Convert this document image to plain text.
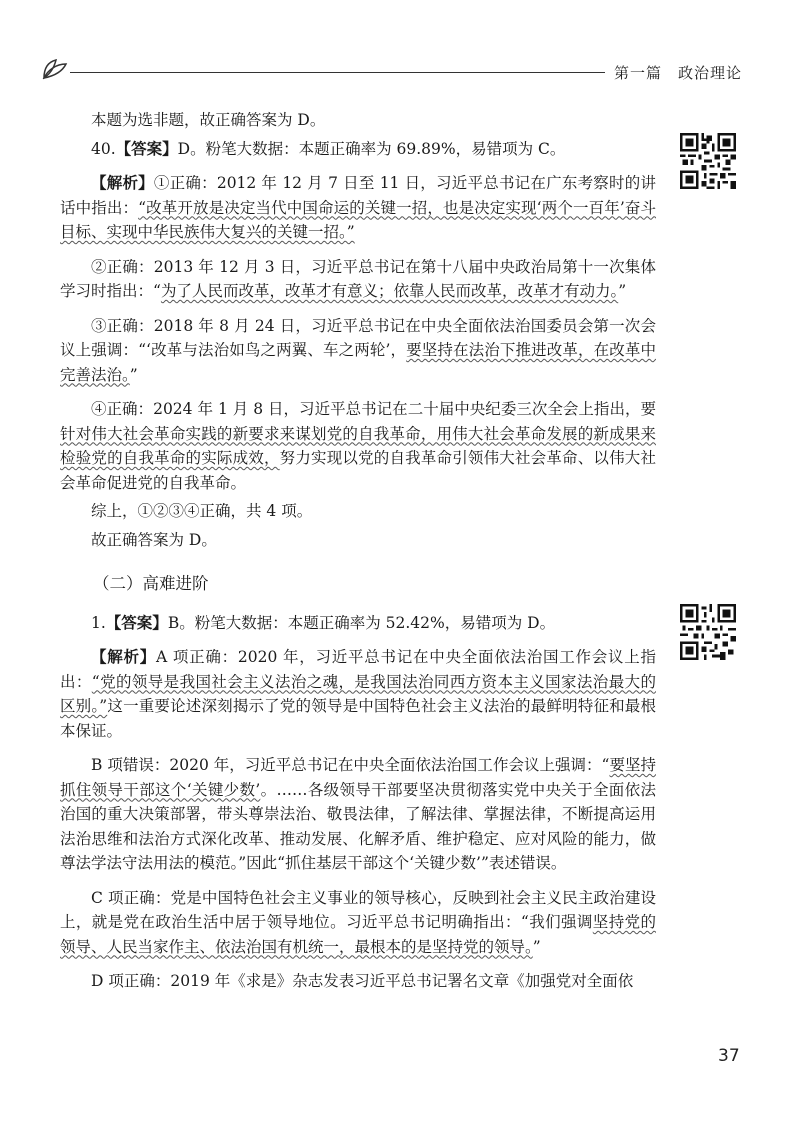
第一篇　政治理论

本题为选非题，故正确答案为 D。

40.【答案】D。粉笔大数据：本题正确率为 69.89%，易错项为 C。

【解析】①正确：2012 年 12 月 7 日至 11 日，习近平总书记在广东考察时的讲话中指出：“改革开放是决定当代中国命运的关键一招，也是决定实现‘两个一百年’奋斗目标、实现中华民族伟大复兴的关键一招。”

②正确：2013 年 12 月 3 日，习近平总书记在第十八届中央政治局第十一次集体学习时指出：“为了人民而改革，改革才有意义；依靠人民而改革，改革才有动力。”

③正确：2018 年 8 月 24 日，习近平总书记在中央全面依法治国委员会第一次会议上强调：“‘改革与法治如鸟之两翼、车之两轮’，要坚持在法治下推进改革，在改革中完善法治。”

④正确：2024 年 1 月 8 日，习近平总书记在二十届中央纪委三次全会上指出，要针对伟大社会革命实践的新要求来谋划党的自我革命，用伟大社会革命发展的新成果来检验党的自我革命的实际成效，努力实现以党的自我革命引领伟大社会革命、以伟大社会革命促进党的自我革命。

综上，①②③④正确，共 4 项。

故正确答案为 D。

（二）高难进阶

1.【答案】B。粉笔大数据：本题正确率为 52.42%，易错项为 D。

【解析】A 项正确：2020 年，习近平总书记在中央全面依法治国工作会议上指出：“党的领导是我国社会主义法治之魂，是我国法治同西方资本主义国家法治最大的区别。”这一重要论述深刻揭示了党的领导是中国特色社会主义法治的最鲜明特征和最根本保证。

B 项错误：2020 年，习近平总书记在中央全面依法治国工作会议上强调：“要坚持抓住领导干部这个‘关键少数’。……各级领导干部要坚决贯彻落实党中央关于全面依法治国的重大决策部署，带头尊崇法治、敬畏法律，了解法律、掌握法律，不断提高运用法治思维和法治方式深化改革、推动发展、化解矛盾、维护稳定、应对风险的能力，做尊法学法守法用法的模范。”因此“抓住基层干部这个‘关键少数’”表述错误。

C 项正确：党是中国特色社会主义事业的领导核心，反映到社会主义民主政治建设上，就是党在政治生活中居于领导地位。习近平总书记明确指出：“我们强调坚持党的领导、人民当家作主、依法治国有机统一，最根本的是坚持党的领导。”

D 项正确：2019 年《求是》杂志发表习近平总书记署名文章《加强党对全面依

37
